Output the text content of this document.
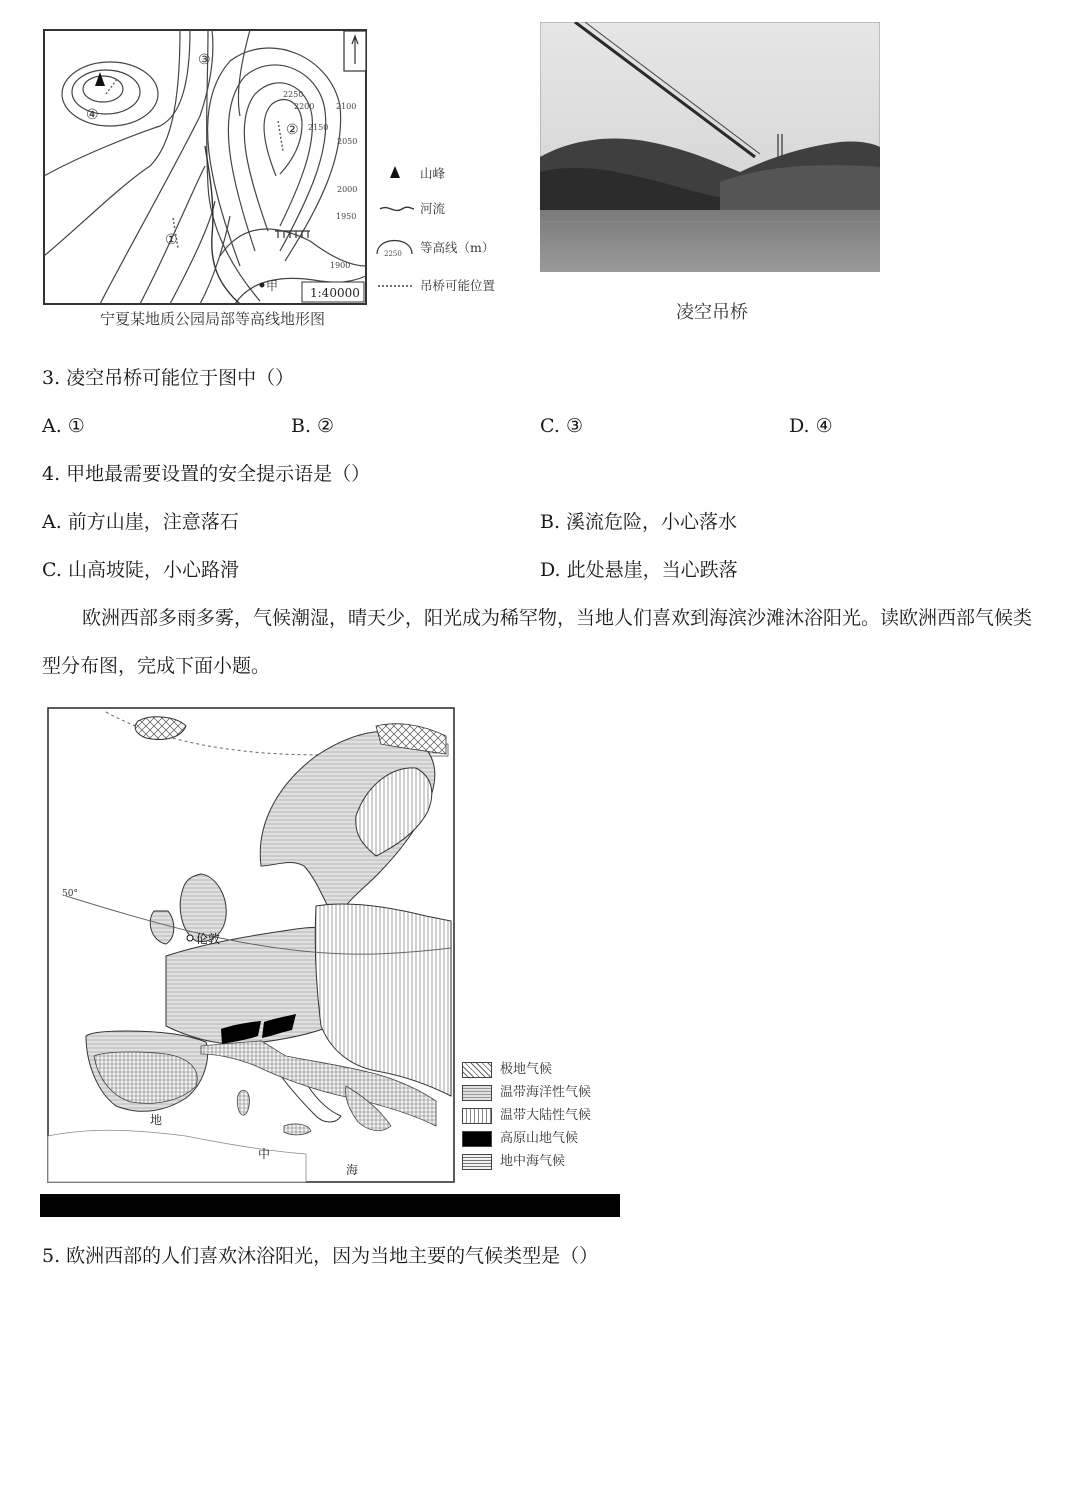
①
②
③
④
甲
2250
2200	2100
2150
2050
2000
1950
1900
1:40000
山峰
河流
2250 等高线（m）
吊桥可能位置
宁夏某地质公园局部等高线地形图	凌空吊桥
3. 凌空吊桥可能位于图中（）
A. ①	B. ②	C. ③	D. ④
4. 甲地最需要设置的安全提示语是（）
A. 前方山崖，注意落石	B. 溪流危险，小心落水
C. 山高坡陡，小心路滑	D. 此处悬崖，当心跌落
欧洲西部多雨多雾，气候潮湿，晴天少，阳光成为稀罕物，当地人们喜欢到海滨沙滩沐浴阳光。读欧洲西部气候类型分布图，完成下面小题。
50°
伦敦
地
中
海
极地气候
温带海洋性气候
温带大陆性气候
高原山地气候
地中海气候
5. 欧洲西部的人们喜欢沐浴阳光，因为当地主要的气候类型是（）
